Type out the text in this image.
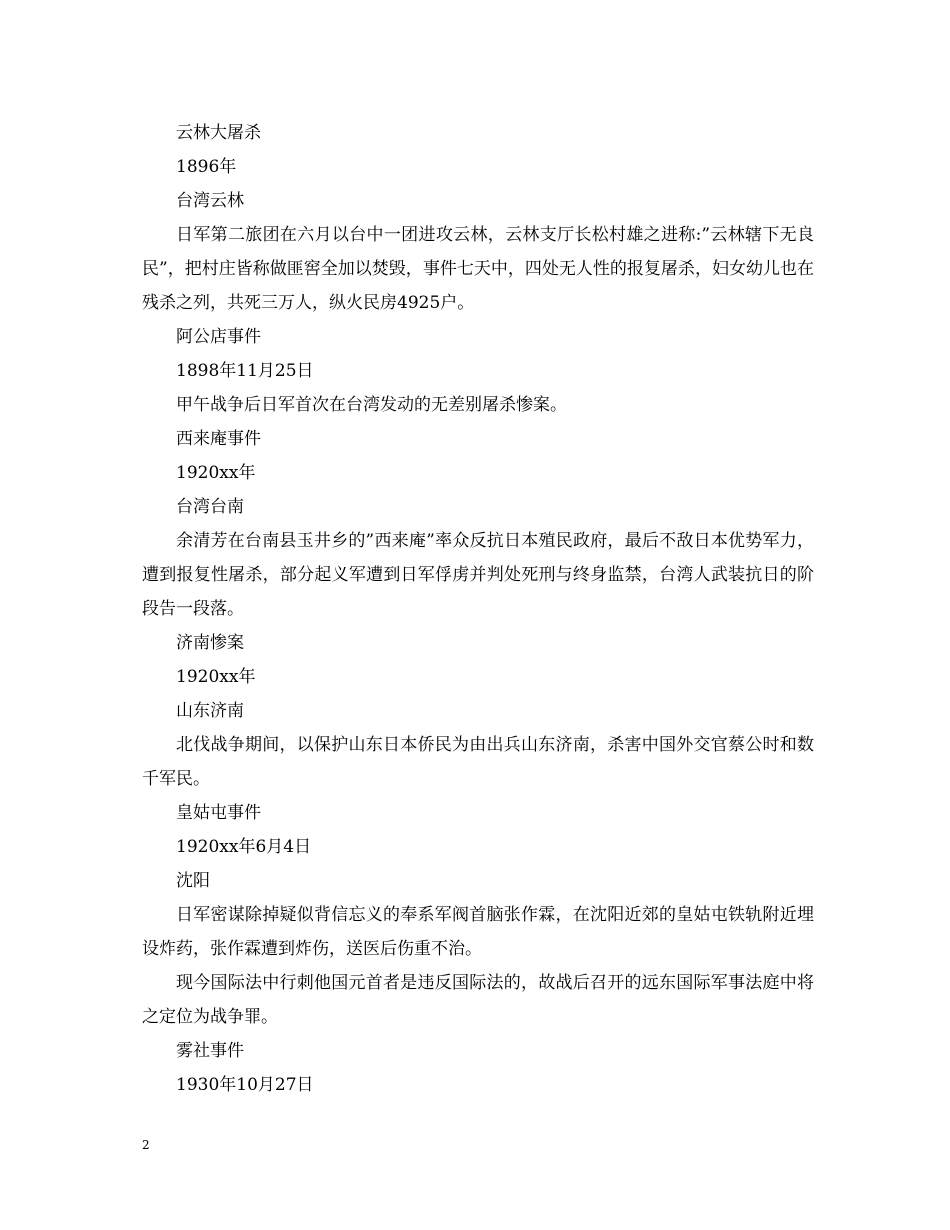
云林大屠杀

1896年

台湾云林

日军第二旅团在六月以台中一团进攻云林，云林支厅长松村雄之进称:”云林辖下无良民”，把村庄皆称做匪窖全加以焚毁，事件七天中，四处无人性的报复屠杀，妇女幼儿也在残杀之列，共死三万人，纵火民房4925户。

阿公店事件

1898年11月25日

甲午战争后日军首次在台湾发动的无差别屠杀惨案。

西来庵事件

1920xx年

台湾台南

余清芳在台南县玉井乡的”西来庵”率众反抗日本殖民政府，最后不敌日本优势军力，遭到报复性屠杀，部分起义军遭到日军俘虏并判处死刑与终身监禁，台湾人武装抗日的阶段告一段落。

济南惨案

1920xx年

山东济南

北伐战争期间，以保护山东日本侨民为由出兵山东济南，杀害中国外交官蔡公时和数千军民。

皇姑屯事件

1920xx年6月4日

沈阳

日军密谋除掉疑似背信忘义的奉系军阀首脑张作霖，在沈阳近郊的皇姑屯铁轨附近埋设炸药，张作霖遭到炸伤，送医后伤重不治。

现今国际法中行刺他国元首者是违反国际法的，故战后召开的远东国际军事法庭中将之定位为战争罪。

雾社事件

1930年10月27日

2
